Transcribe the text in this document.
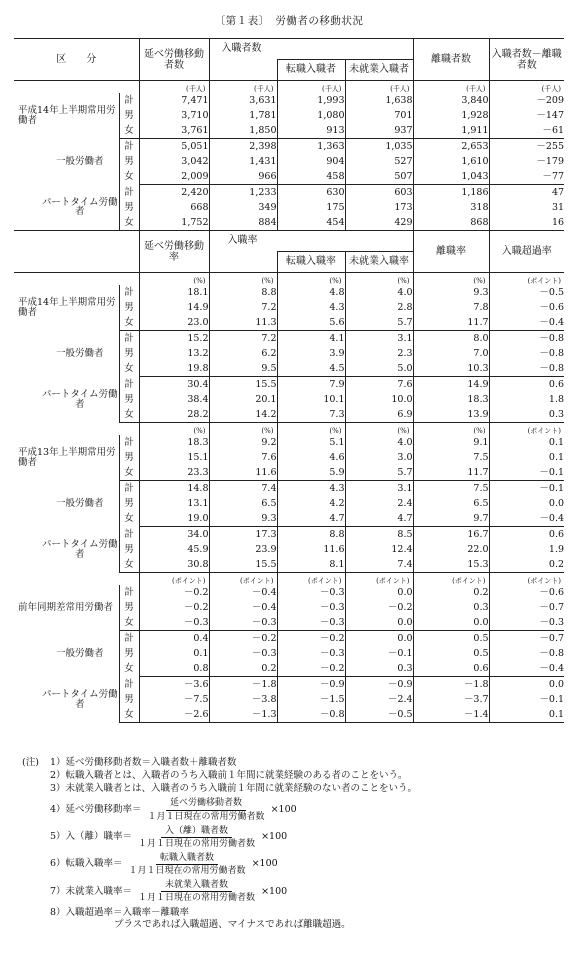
〔第１表〕　労働者の移動状況
区　　分			延べ労働移動者数	入職者数			離職者数	入職者数－離職者数
					転職入職者	未就業入職者		
			(千人)	(千人)	(千人)	(千人)	(千人)	(千人)
平成14年上半期常用労働者		計	7,471	3,631	1,993	1,638	3,840	－209
		男	3,710	1,781	1,080	701	1,928	－147
		女	3,761	1,850	913	937	1,911	－61
	一般労働者	計	5,051	2,398	1,363	1,035	2,653	－255
		男	3,042	1,431	904	527	1,610	－179
		女	2,009	966	458	507	1,043	－77
	パートタイム労働者	計	2,420	1,233	630	603	1,186	47
		男	668	349	175	173	318	31
		女	1,752	884	454	429	868	16
			延べ労働移動率	入職率			離職率	入職超過率
					転職入職率	未就業入職率		
			(%)	(%)	(%)	(%)	(%)	(ポイント)
平成14年上半期常用労働者		計	18.1	8.8	4.8	4.0	9.3	－0.5
		男	14.9	7.2	4.3	2.8	7.8	－0.6
		女	23.0	11.3	5.6	5.7	11.7	－0.4
	一般労働者	計	15.2	7.2	4.1	3.1	8.0	－0.8
		男	13.2	6.2	3.9	2.3	7.0	－0.8
		女	19.8	9.5	4.5	5.0	10.3	－0.8
	パートタイム労働者	計	30.4	15.5	7.9	7.6	14.9	0.6
		男	38.4	20.1	10.1	10.0	18.3	1.8
		女	28.2	14.2	7.3	6.9	13.9	0.3
			(%)	(%)	(%)	(%)	(%)	(ポイント)
平成13年上半期常用労働者		計	18.3	9.2	5.1	4.0	9.1	0.1
		男	15.1	7.6	4.6	3.0	7.5	0.1
		女	23.3	11.6	5.9	5.7	11.7	－0.1
	一般労働者	計	14.8	7.4	4.3	3.1	7.5	－0.1
		男	13.1	6.5	4.2	2.4	6.5	0.0
		女	19.0	9.3	4.7	4.7	9.7	－0.4
	パートタイム労働者	計	34.0	17.3	8.8	8.5	16.7	0.6
		男	45.9	23.9	11.6	12.4	22.0	1.9
		女	30.8	15.5	8.1	7.4	15.3	0.2
			(ポイント)	(ポイント)	(ポイント)	(ポイント)	(ポイント)	(ポイント)
前年同期差常用労働者		計	－0.2	－0.4	－0.3	0.0	0.2	－0.6
		男	－0.2	－0.4	－0.3	－0.2	0.3	－0.7
		女	－0.3	－0.3	－0.3	0.0	0.0	－0.3
	一般労働者	計	0.4	－0.2	－0.2	0.0	0.5	－0.7
		男	0.1	－0.3	－0.3	－0.1	0.5	－0.8
		女	0.8	0.2	－0.2	0.3	0.6	－0.4
	パートタイム労働者	計	－3.6	－1.8	－0.9	－0.9	－1.8	0.0
		男	－7.5	－3.8	－1.5	－2.4	－3.7	－0.1
		女	－2.6	－1.3	－0.8	－0.5	－1.4	0.1
(注)	1）延べ労働移動者数＝入職者数＋離職者数
2）転職入職者とは、入職者のうち入職前１年間に就業経験のある者のことをいう。
3）未就業入職者とは、入職者のうち入職前１年間に就業経験のない者のことをいう。
4）延べ労働移動率＝ $\frac{\text{延べ労働移動者数}}{\text{１月１日現在の常用労働者数}} \times 100$
5）入（離）職率＝ $\frac{\text{入（離）職者数}}{\text{１月１日現在の常用労働者数}} \times 100$
6）転職入職率＝ $\frac{\text{転職入職者数}}{\text{１月１日現在の常用労働者数}} \times 100$
7）未就業入職率＝ $\frac{\text{未就業入職者数}}{\text{１月１日現在の常用労働者数}} \times 100$
8）入職超過率＝入職率－離職率
プラスであれば入職超過、マイナスであれば離職超過。
